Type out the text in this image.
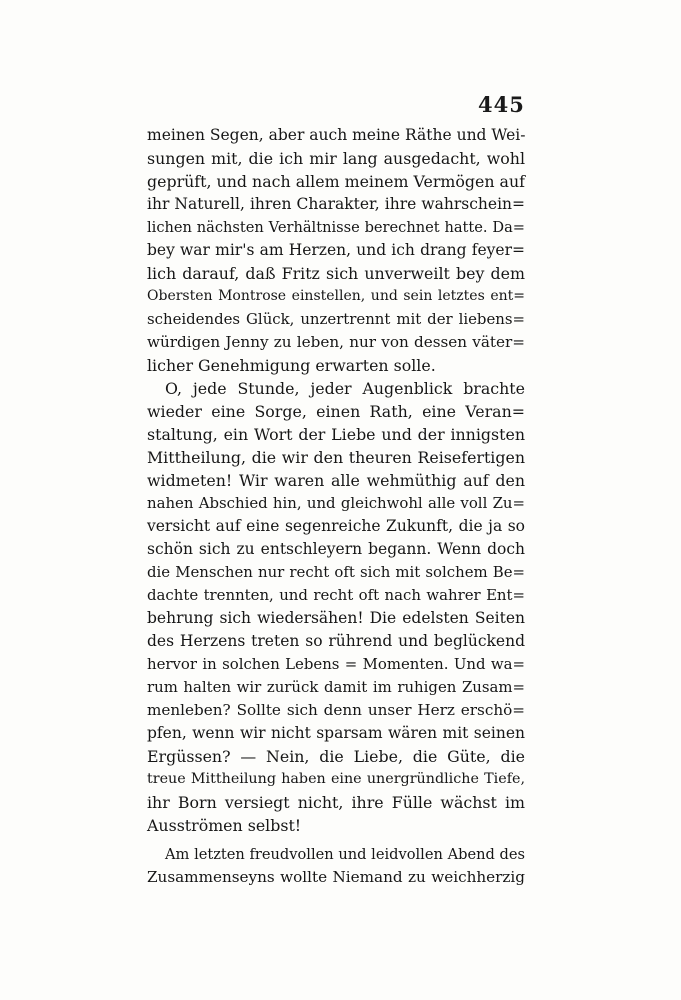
445
meinen Segen, aber auch meine Räthe und Wei-
sungen mit, die ich mir lang ausgedacht, wohl
geprüft, und nach allem meinem Vermögen auf
ihr Naturell, ihren Charakter, ihre wahrschein=
lichen nächsten Verhältnisse berechnet hatte. Da=
bey war mir's am Herzen, und ich drang feyer=
lich darauf, daß Fritz sich unverweilt bey dem
Obersten Montrose einstellen, und sein letztes ent=
scheidendes Glück, unzertrennt mit der liebens=
würdigen Jenny zu leben, nur von dessen väter=
licher Genehmigung erwarten solle.
O, jede Stunde, jeder Augenblick brachte
wieder eine Sorge, einen Rath, eine Veran=
staltung, ein Wort der Liebe und der innigsten
Mittheilung, die wir den theuren Reisefertigen
widmeten! Wir waren alle wehmüthig auf den
nahen Abschied hin, und gleichwohl alle voll Zu=
versicht auf eine segenreiche Zukunft, die ja so
schön sich zu entschleyern begann. Wenn doch
die Menschen nur recht oft sich mit solchem Be=
dachte trennten, und recht oft nach wahrer Ent=
behrung sich wiedersähen! Die edelsten Seiten
des Herzens treten so rührend und beglückend
hervor in solchen Lebens = Momenten. Und wa=
rum halten wir zurück damit im ruhigen Zusam=
menleben? Sollte sich denn unser Herz erschö=
pfen, wenn wir nicht sparsam wären mit seinen
Ergüssen? — Nein, die Liebe, die Güte, die
treue Mittheilung haben eine unergründliche Tiefe,
ihr Born versiegt nicht, ihre Fülle wächst im
Ausströmen selbst!
Am letzten freudvollen und leidvollen Abend des
Zusammenseyns wollte Niemand zu weichherzig
